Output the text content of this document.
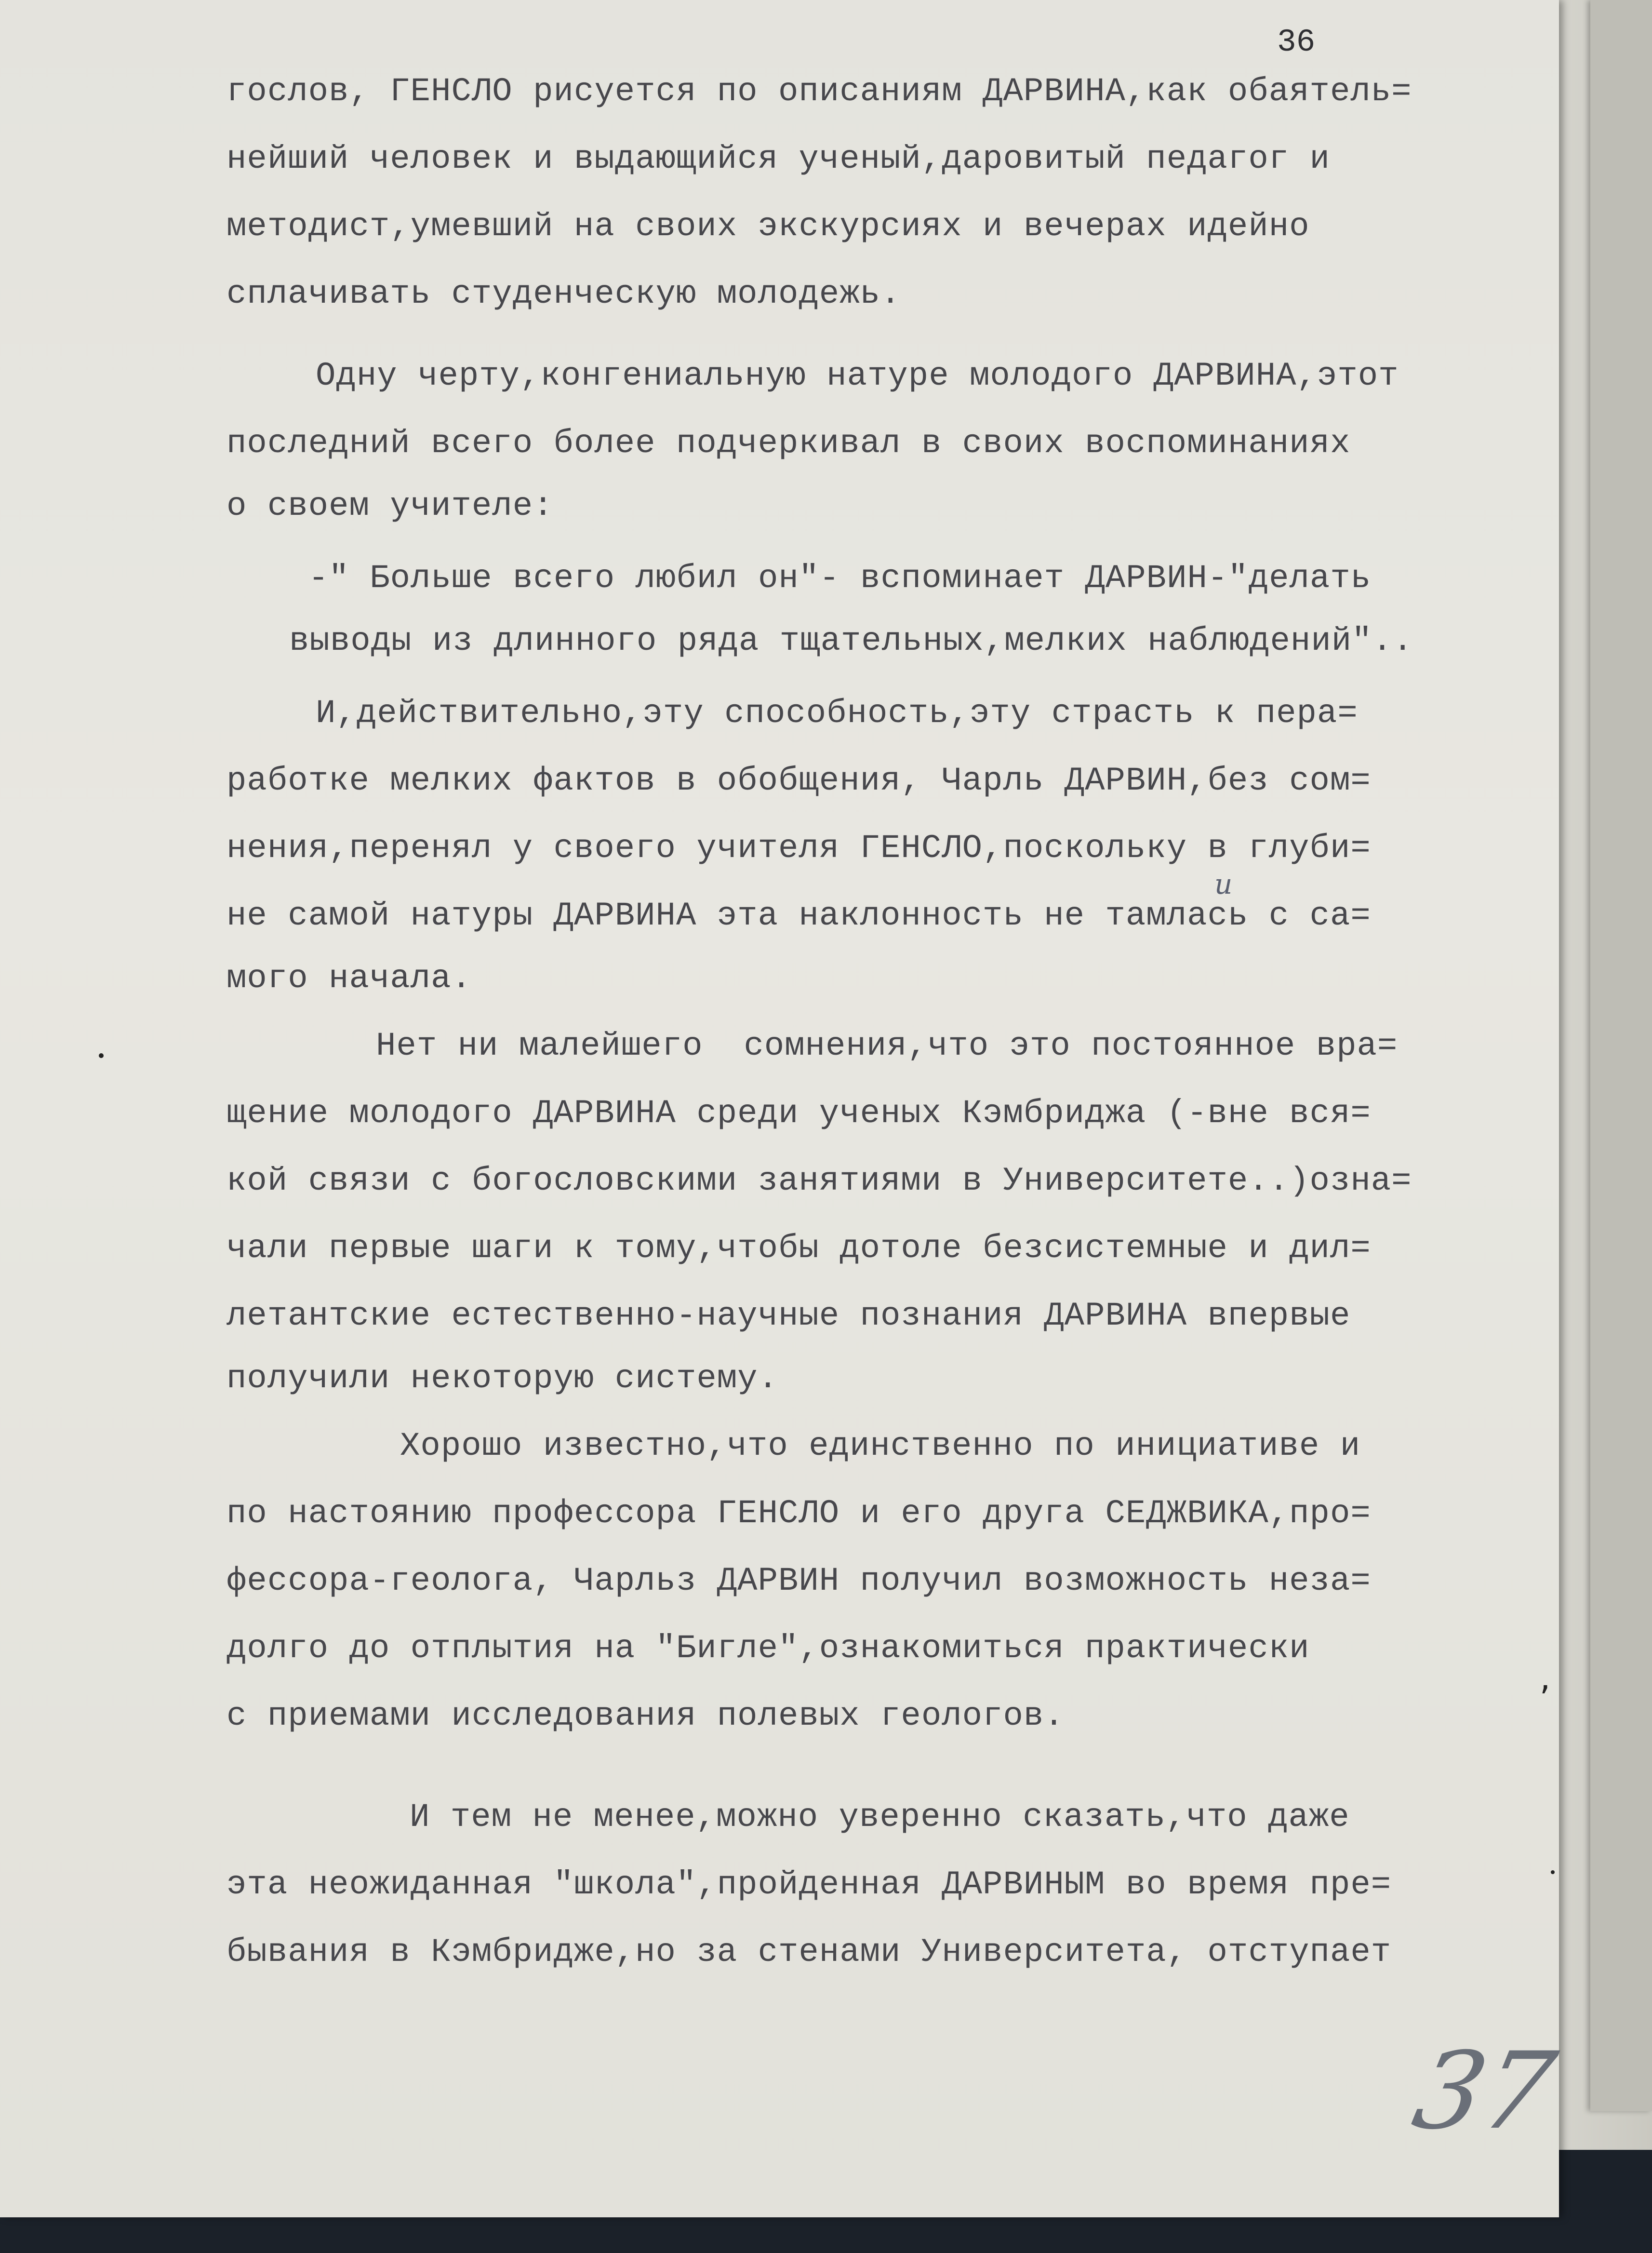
36
гослов, ГЕНСЛО рисуется по описаниям ДАРВИНА,как обаятель=
нейший человек и выдающийся ученый,даровитый педагог и
методист,умевший на своих экскурсиях и вечерах идейно
сплачивать студенческую молодежь.
Одну черту,конгениальную натуре молодого ДАРВИНА,этот
последний всего более подчеркивал в своих воспоминаниях
о своем учителе:
-" Больше всего любил он"- вспоминает ДАРВИН-"делать
выводы из длинного ряда тщательных,мелких наблюдений"..
И,действительно,эту способность,эту страсть к пера=
работке мелких фактов в обобщения, Чарль ДАРВИН,без сом=
нения,перенял у своего учителя ГЕНСЛО,поскольку в глуби=
не самой натуры ДАРВИНА эта наклонность не тамлась с са=
мого начала.
Нет ни малейшего  сомнения,что это постоянное вра=
щение молодого ДАРВИНА среди ученых Кэмбриджа (-вне вся=
кой связи с богословскими занятиями в Университете..)озна=
чали первые шаги к тому,чтобы дотоле безсистемные и дил=
летантские естественно-научные познания ДАРВИНА впервые
получили некоторую систему.
Хорошо известно,что единственно по инициативе и
по настоянию профессора ГЕНСЛО и его друга СЕДЖВИКА,про=
фессора-геолога, Чарльз ДАРВИН получил возможность неза=
долго до отплытия на "Бигле",ознакомиться практически
с приемами исследования полевых геологов.
И тем не менее,можно уверенно сказать,что даже
эта неожиданная "школа",пройденная ДАРВИНЫМ во время пре=
бывания в Кэмбридже,но за стенами Университета, отступает
и
37
,
